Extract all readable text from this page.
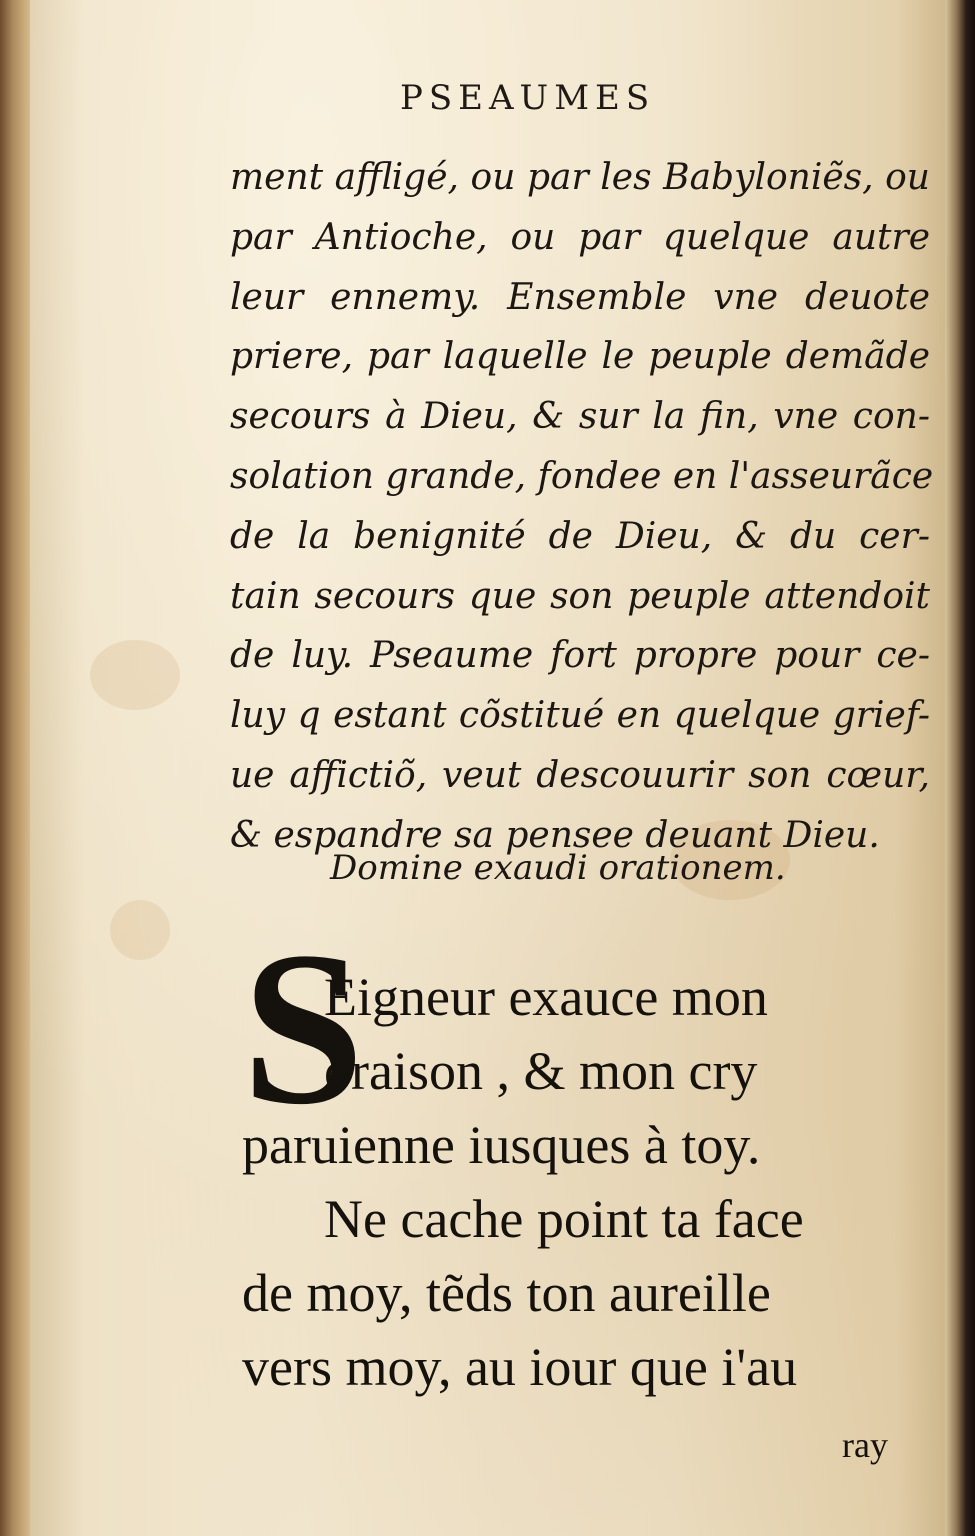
PSEAUMES
ment affligé, ou par les Babyloniẽs, ou
par Antioche, ou par quelque autre
leur ennemy. Ensemble vne deuote
priere, par laquelle le peuple demãde
secours à Dieu, & sur la fin, vne con-
solation grande, fondee en l'asseurãce
de la benignité de Dieu, & du cer-
tain secours que son peuple attendoit
de luy. Pseaume fort propre pour ce-
luy q estant cõstitué en quelque grief-
ue affictiõ, veut descouurir son cœur,
& espandre sa pensee deuant Dieu.
Domine exaudi orationem.
S
Eigneur exauce mon
oraison , & mon cry
paruienne iusques à toy.
Ne cache point ta face
de moy, tẽds ton aureille
vers moy, au iour que i'au
ray
